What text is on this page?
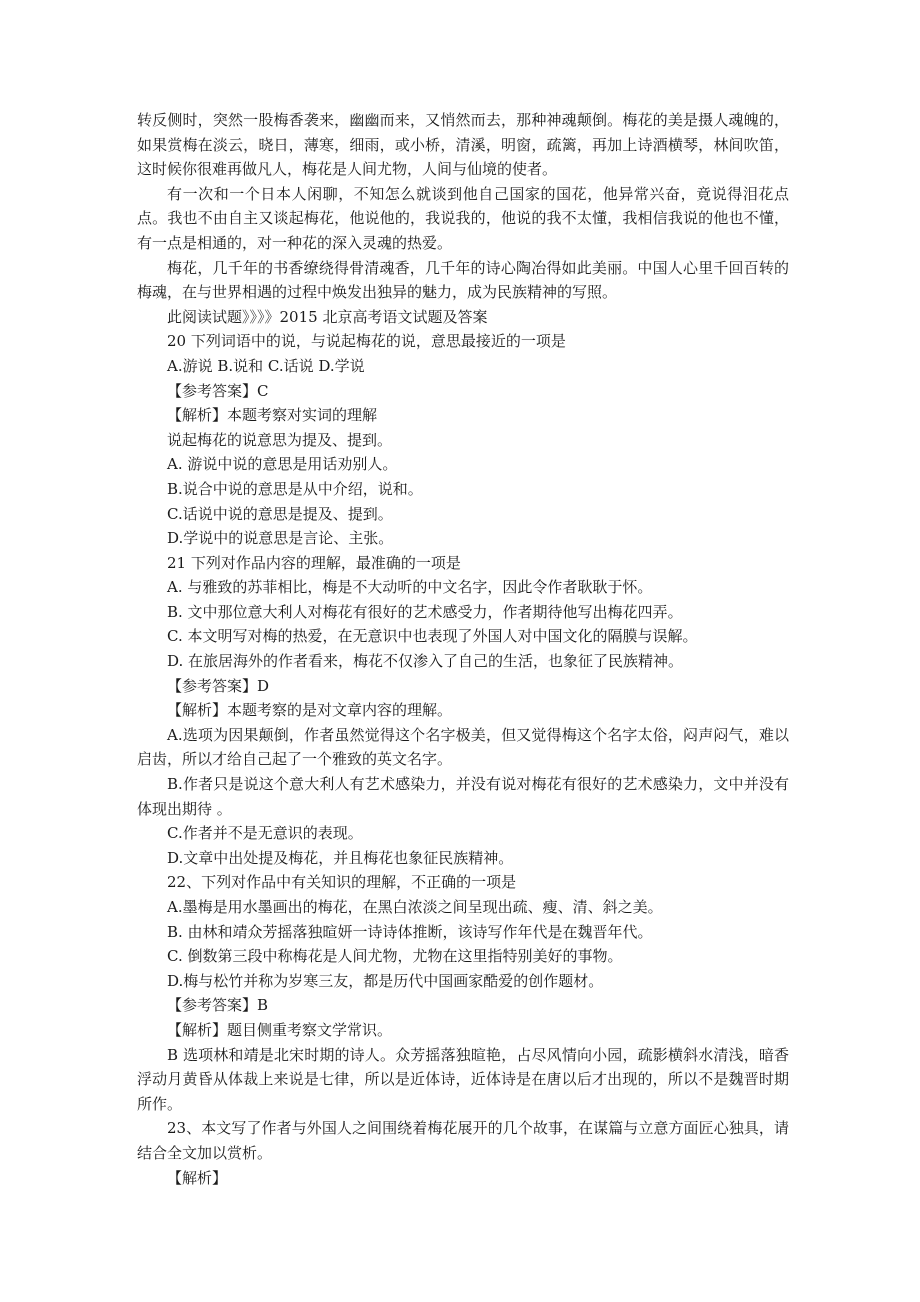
转反侧时，突然一股梅香袭来，幽幽而来，又悄然而去，那种神魂颠倒。梅花的美是摄人魂魄的，如果赏梅在淡云，晓日，薄寒，细雨，或小桥，清溪，明窗，疏篱，再加上诗酒横琴，林间吹笛，这时候你很难再做凡人，梅花是人间尤物，人间与仙境的使者。

有一次和一个日本人闲聊，不知怎么就谈到他自己国家的国花，他异常兴奋，竟说得泪花点点。我也不由自主又谈起梅花，他说他的，我说我的，他说的我不太懂，我相信我说的他也不懂，有一点是相通的，对一种花的深入灵魂的热爱。

梅花，几千年的书香缭绕得骨清魂香，几千年的诗心陶冶得如此美丽。中国人心里千回百转的梅魂，在与世界相遇的过程中焕发出独异的魅力，成为民族精神的写照。

此阅读试题》》》》2015 北京高考语文试题及答案

20 下列词语中的说，与说起梅花的说，意思最接近的一项是

A.游说 B.说和 C.话说 D.学说

【参考答案】C

【解析】本题考察对实词的理解

说起梅花的说意思为提及、提到。

A. 游说中说的意思是用话劝别人。

B.说合中说的意思是从中介绍，说和。

C.话说中说的意思是提及、提到。

D.学说中的说意思是言论、主张。

21 下列对作品内容的理解，最准确的一项是

A. 与雅致的苏菲相比，梅是不大动听的中文名字，因此令作者耿耿于怀。

B. 文中那位意大利人对梅花有很好的艺术感受力，作者期待他写出梅花四弄。

C. 本文明写对梅的热爱，在无意识中也表现了外国人对中国文化的隔膜与误解。

D. 在旅居海外的作者看来，梅花不仅渗入了自己的生活，也象征了民族精神。

【参考答案】D

【解析】本题考察的是对文章内容的理解。

A.选项为因果颠倒，作者虽然觉得这个名字极美，但又觉得梅这个名字太俗，闷声闷气，难以启齿，所以才给自己起了一个雅致的英文名字。

B.作者只是说这个意大利人有艺术感染力，并没有说对梅花有很好的艺术感染力，文中并没有体现出期待 。

C.作者并不是无意识的表现。

D.文章中出处提及梅花，并且梅花也象征民族精神。

22、下列对作品中有关知识的理解，不正确的一项是

A.墨梅是用水墨画出的梅花，在黑白浓淡之间呈现出疏、瘦、清、斜之美。

B. 由林和靖众芳摇落独暄妍一诗诗体推断，该诗写作年代是在魏晋年代。

C. 倒数第三段中称梅花是人间尤物，尤物在这里指特别美好的事物。

D.梅与松竹并称为岁寒三友，都是历代中国画家酷爱的创作题材。

【参考答案】B

【解析】题目侧重考察文学常识。

B 选项林和靖是北宋时期的诗人。众芳摇落独暄艳，占尽风情向小园，疏影横斜水清浅，暗香浮动月黄昏从体裁上来说是七律，所以是近体诗，近体诗是在唐以后才出现的，所以不是魏晋时期所作。

23、本文写了作者与外国人之间围绕着梅花展开的几个故事，在谋篇与立意方面匠心独具，请结合全文加以赏析。

【解析】
